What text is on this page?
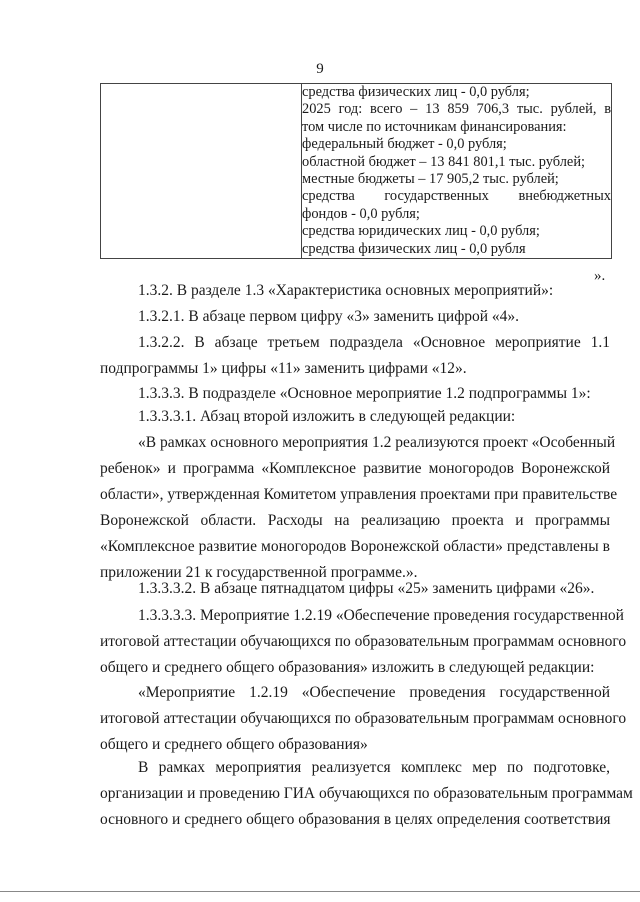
9

средства физических лиц - 0,0 рубля;
2025 год: всего – 13 859 706,3 тыс. рублей, в
том числе по источникам финансирования:
федеральный бюджет - 0,0 рубля;
областной бюджет – 13 841 801,1 тыс. рублей;
местные бюджеты – 17 905,2 тыс. рублей;
средства государственных внебюджетных
фондов - 0,0 рубля;
средства юридических лиц - 0,0 рубля;
средства физических лиц - 0,0 рубля
».
1.3.2. В разделе 1.3 «Характеристика основных мероприятий»:
1.3.2.1. В абзаце первом цифру «3» заменить цифрой «4».
1.3.2.2. В абзаце третьем подраздела «Основное мероприятие 1.1
подпрограммы 1» цифры «11» заменить цифрами «12».
1.3.3.3. В подразделе «Основное мероприятие 1.2 подпрограммы 1»:
1.3.3.3.1. Абзац второй изложить в следующей редакции:
«В рамках основного мероприятия 1.2 реализуются проект «Особенный
ребенок» и программа «Комплексное развитие моногородов Воронежской
области», утвержденная Комитетом управления проектами при правительстве
Воронежской области. Расходы на реализацию проекта и программы
«Комплексное развитие моногородов Воронежской области» представлены в
приложении 21 к государственной программе.».
1.3.3.3.2. В абзаце пятнадцатом цифры «25» заменить цифрами «26».
1.3.3.3.3. Мероприятие 1.2.19 «Обеспечение проведения государственной
итоговой аттестации обучающихся по образовательным программам основного
общего и среднего общего образования» изложить в следующей редакции:
«Мероприятие 1.2.19 «Обеспечение проведения государственной
итоговой аттестации обучающихся по образовательным программам основного
общего и среднего общего образования»
В рамках мероприятия реализуется комплекс мер по подготовке,
организации и проведению ГИА обучающихся по образовательным программам
основного и среднего общего образования в целях определения соответствия
